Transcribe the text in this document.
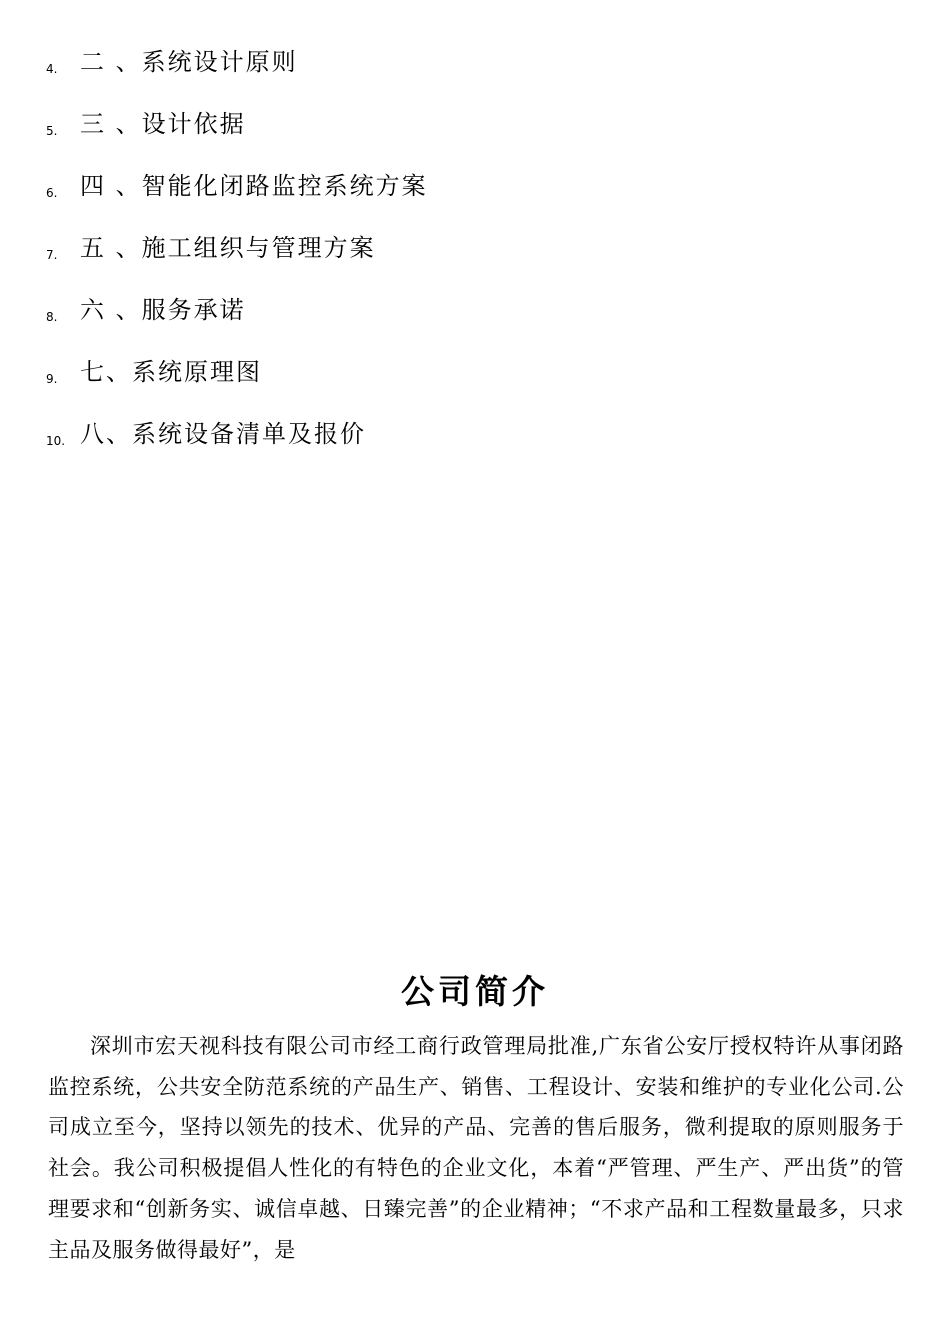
4. 二 、系统设计原则
5. 三 、设计依据
6. 四 、智能化闭路监控系统方案
7. 五 、施工组织与管理方案
8. 六 、服务承诺
9. 七、系统原理图
10. 八、系统设备清单及报价
公司简介

深圳市宏天视科技有限公司市经工商行政管理局批准,广东省公安厅授权特许从事闭路监控系统，公共安全防范系统的产品生产、销售、工程设计、安装和维护的专业化公司.公司成立至今，坚持以领先的技术、优异的产品、完善的售后服务，微利提取的原则服务于社会。我公司积极提倡人性化的有特色的企业文化，本着“严管理、严生产、严出货”的管理要求和“创新务实、诚信卓越、日臻完善”的企业精神；“不求产品和工程数量最多，只求主品及服务做得最好”，是
